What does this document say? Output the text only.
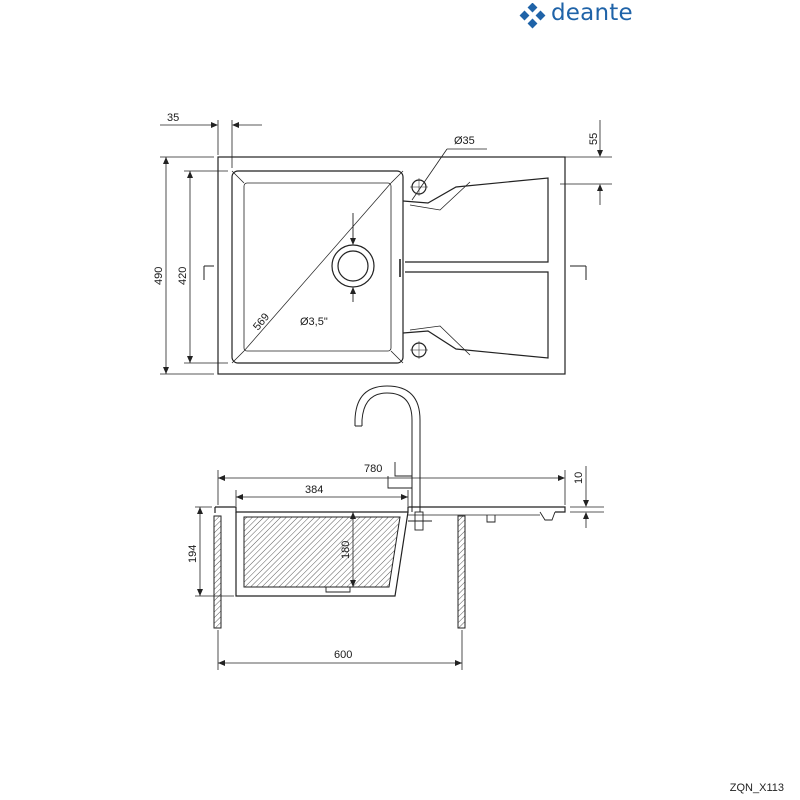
deante
35
Ø35	55
490 420
569	Ø3,5"
780
10
384
194	180
600
ZQN_X113
